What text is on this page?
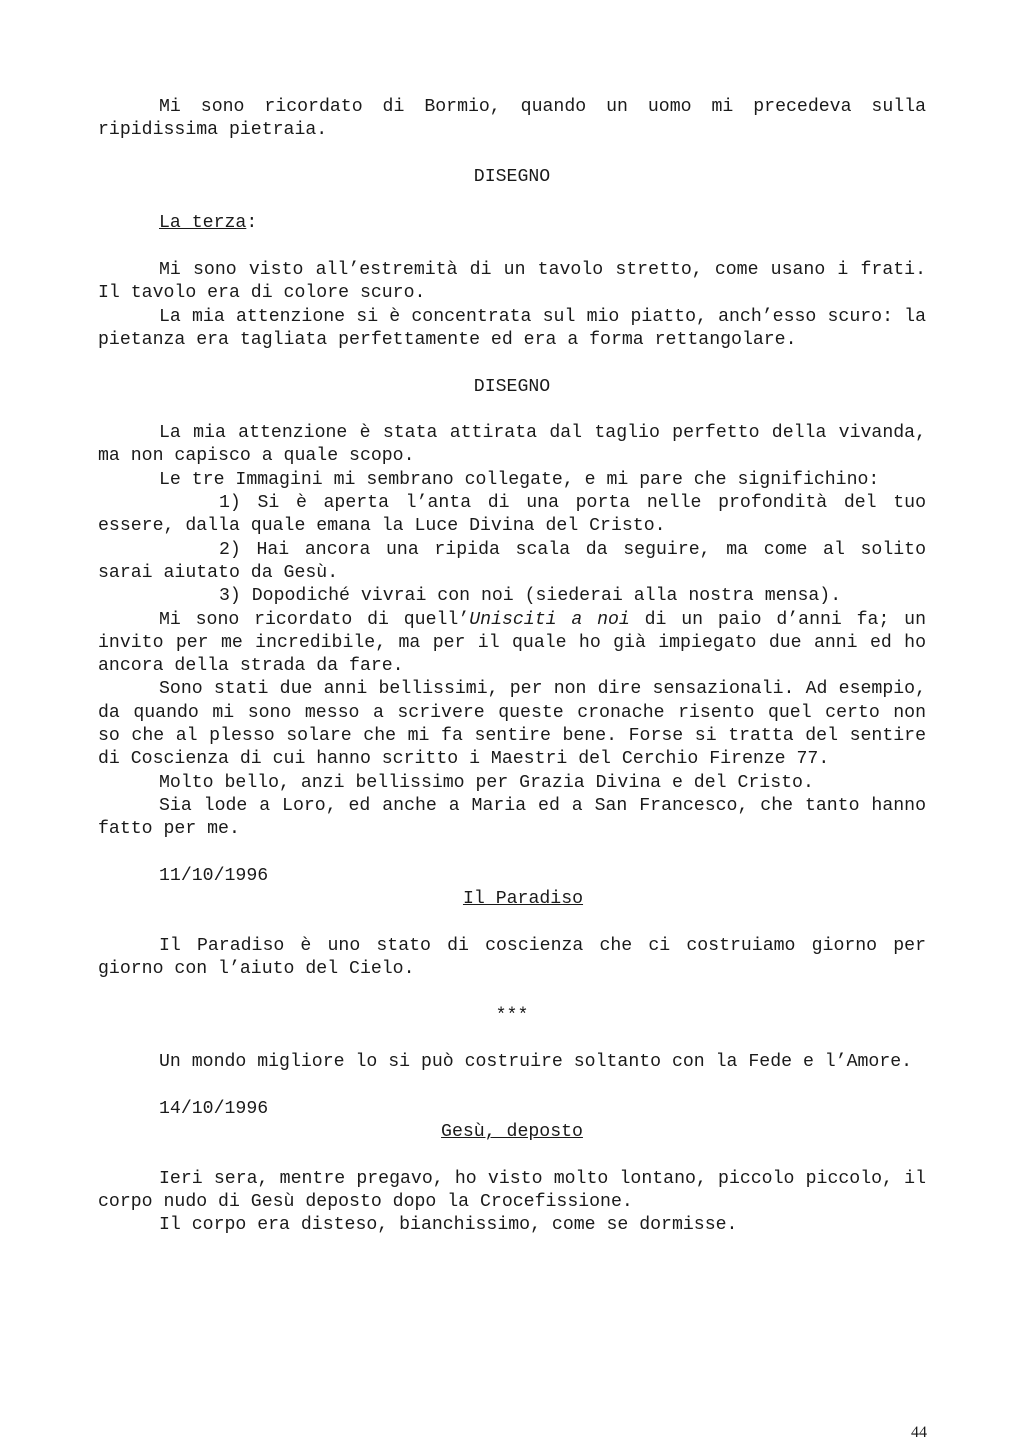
Mi sono ricordato di Bormio, quando un uomo mi precedeva sulla ripidissima pietraia.

DISEGNO

La terza:

Mi sono visto all’estremità di un tavolo stretto, come usano i frati. Il tavolo era di colore scuro.

La mia attenzione si è concentrata sul mio piatto, anch’esso scuro: la pietanza era tagliata perfettamente ed era a forma rettangolare.

DISEGNO

La mia attenzione è stata attirata dal taglio perfetto della vivanda, ma non capisco a quale scopo.

Le tre Immagini mi sembrano collegate, e mi pare che significhino:

1) Si è aperta l’anta di una porta nelle profondità del tuo essere, dalla quale emana la Luce Divina del Cristo.

2) Hai ancora una ripida scala da seguire, ma come al solito sarai aiutato da Gesù.

3) Dopodiché vivrai con noi (siederai alla nostra mensa).

Mi sono ricordato di quell’Unisciti a noi di un paio d’anni fa; un invito per me incredibile, ma per il quale ho già impiegato due anni ed ho ancora della strada da fare.

Sono stati due anni bellissimi, per non dire sensazionali. Ad esempio, da quando mi sono messo a scrivere queste cronache risento quel certo non so che al plesso solare che mi fa sentire bene. Forse si tratta del sentire di Coscienza di cui hanno scritto i Maestri del Cerchio Firenze 77.

Molto bello, anzi bellissimo per Grazia Divina e del Cristo.

Sia lode a Loro, ed anche a Maria ed a San Francesco, che tanto hanno fatto per me.

11/10/1996

Il Paradiso

Il Paradiso è uno stato di coscienza che ci costruiamo giorno per giorno con l’aiuto del Cielo.

***

Un mondo migliore lo si può costruire soltanto con la Fede e l’Amore.

14/10/1996

Gesù, deposto

Ieri sera, mentre pregavo, ho visto molto lontano, piccolo piccolo, il corpo nudo di Gesù deposto dopo la Crocefissione.

Il corpo era disteso, bianchissimo, come se dormisse.

44
